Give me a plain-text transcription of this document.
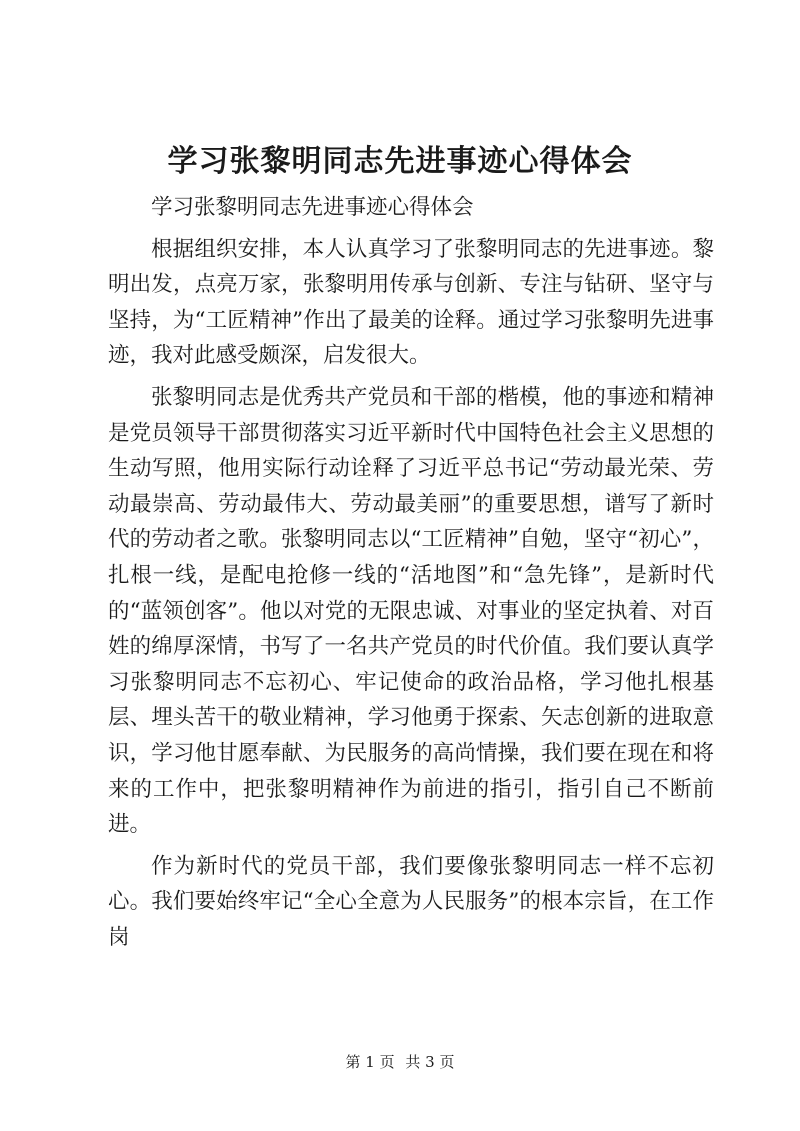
学习张黎明同志先进事迹心得体会

学习张黎明同志先进事迹心得体会

根据组织安排，本人认真学习了张黎明同志的先进事迹。黎明出发，点亮万家，张黎明用传承与创新、专注与钻研、坚守与坚持，为“工匠精神”作出了最美的诠释。通过学习张黎明先进事迹，我对此感受颇深，启发很大。

张黎明同志是优秀共产党员和干部的楷模，他的事迹和精神是党员领导干部贯彻落实习近平新时代中国特色社会主义思想的生动写照，他用实际行动诠释了习近平总书记“劳动最光荣、劳动最崇高、劳动最伟大、劳动最美丽”的重要思想，谱写了新时代的劳动者之歌。张黎明同志以“工匠精神”自勉，坚守“初心”，扎根一线，是配电抢修一线的“活地图”和“急先锋”，是新时代的“蓝领创客”。他以对党的无限忠诚、对事业的坚定执着、对百姓的绵厚深情，书写了一名共产党员的时代价值。我们要认真学习张黎明同志不忘初心、牢记使命的政治品格，学习他扎根基层、埋头苦干的敬业精神，学习他勇于探索、矢志创新的进取意识，学习他甘愿奉献、为民服务的高尚情操，我们要在现在和将来的工作中，把张黎明精神作为前进的指引，指引自己不断前进。

作为新时代的党员干部，我们要像张黎明同志一样不忘初心。我们要始终牢记“全心全意为人民服务”的根本宗旨，在工作岗

第 1 页 共 3 页
